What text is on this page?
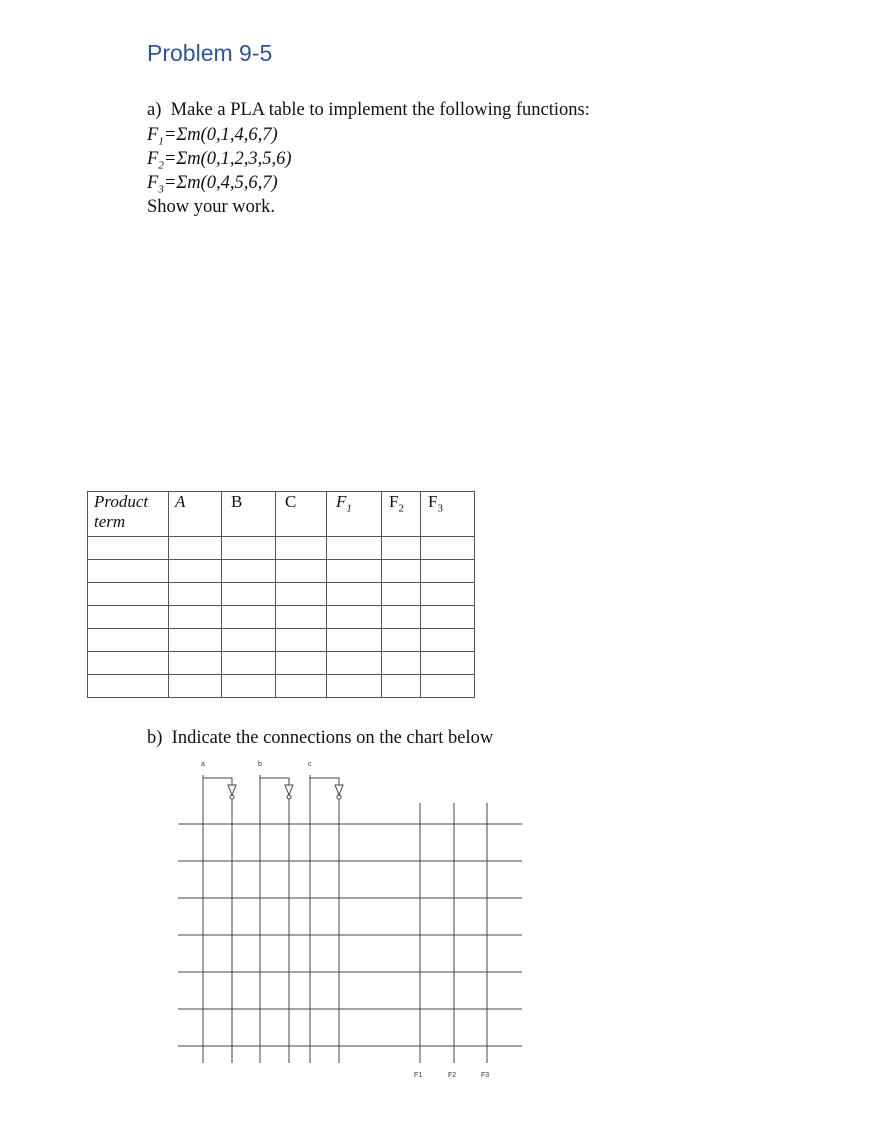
Problem 9-5
a)  Make a PLA table to implement the following functions:
$F_1=\Sigma m(0,1,4,6,7)$
$F_2=\Sigma m(0,1,2,3,5,6)$
$F_3=\Sigma m(0,4,5,6,7)$
Show your work.
Product term	A	B	C	$F_1$	$F_2$	$F_3$

b)  Indicate the connections on the chart below
a	b	c
F1	F2	F3
